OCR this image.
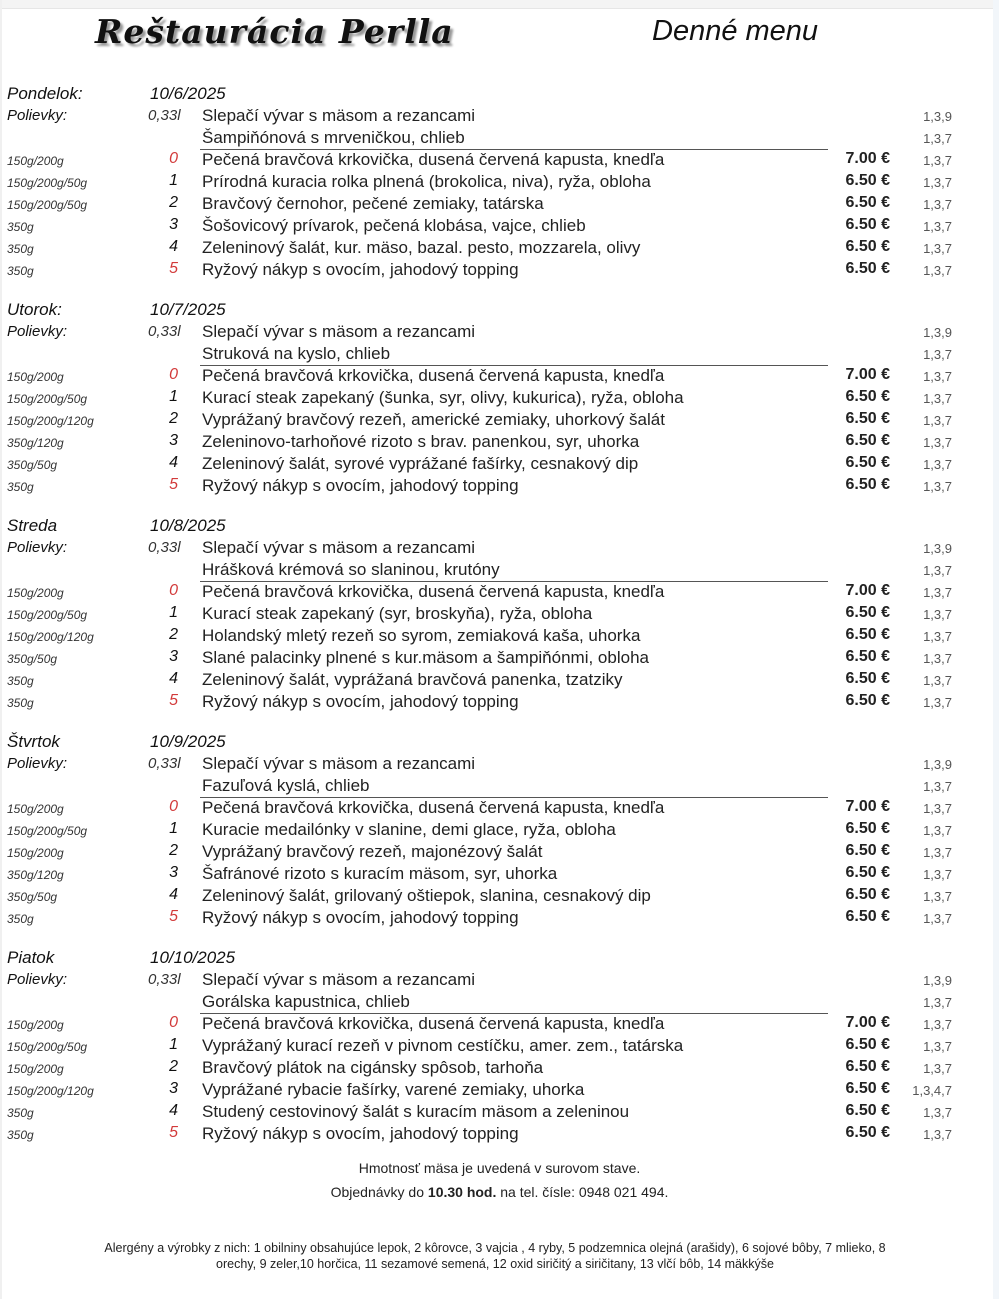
Reštaurácia Perlla	Denné menu
Pondelok:	10/6/2025
Polievky:	0,33l Slepačí vývar s mäsom a rezancami	1,3,9
Šampiňónová s mrveničkou, chlieb	1,3,7
150g/200g	0 Pečená bravčová krkovička, dusená červená kapusta, knedľa	7.00 €	1,3,7
150g/200g/50g	1 Prírodná kuracia rolka plnená (brokolica, niva), ryža, obloha	6.50 €	1,3,7
150g/200g/50g	2 Bravčový černohor, pečené zemiaky, tatárska	6.50 €	1,3,7
350g	3 Šošovicový prívarok, pečená klobása, vajce, chlieb	6.50 €	1,3,7
350g	4 Zeleninový šalát, kur. mäso, bazal. pesto, mozzarela, olivy	6.50 €	1,3,7
350g	5 Ryžový nákyp s ovocím, jahodový topping	6.50 €	1,3,7
Utorok:	10/7/2025
Polievky:	0,33l Slepačí vývar s mäsom a rezancami	1,3,9
Struková na kyslo, chlieb	1,3,7
150g/200g	0 Pečená bravčová krkovička, dusená červená kapusta, knedľa	7.00 €	1,3,7
150g/200g/50g	1 Kurací steak zapekaný (šunka, syr, olivy, kukurica), ryža, obloha	6.50 €	1,3,7
150g/200g/120g	2 Vyprážaný bravčový rezeň, americké zemiaky, uhorkový šalát	6.50 €	1,3,7
350g/120g	3 Zeleninovo-tarhoňové rizoto s brav. panenkou, syr, uhorka	6.50 €	1,3,7
350g/50g	4 Zeleninový šalát, syrové vyprážané fašírky, cesnakový dip	6.50 €	1,3,7
350g	5 Ryžový nákyp s ovocím, jahodový topping	6.50 €	1,3,7
Streda	10/8/2025
Polievky:	0,33l Slepačí vývar s mäsom a rezancami	1,3,9
Hrášková krémová so slaninou, krutóny	1,3,7
150g/200g	0 Pečená bravčová krkovička, dusená červená kapusta, knedľa	7.00 €	1,3,7
150g/200g/50g	1 Kurací steak zapekaný (syr, broskyňa), ryža, obloha	6.50 €	1,3,7
150g/200g/120g	2 Holandský mletý rezeň so syrom, zemiaková kaša, uhorka	6.50 €	1,3,7
350g/50g	3 Slané palacinky plnené s kur.mäsom a šampiňónmi, obloha	6.50 €	1,3,7
350g	4 Zeleninový šalát, vyprážaná bravčová panenka, tzatziky	6.50 €	1,3,7
350g	5 Ryžový nákyp s ovocím, jahodový topping	6.50 €	1,3,7
Štvrtok	10/9/2025
Polievky:	0,33l Slepačí vývar s mäsom a rezancami	1,3,9
Fazuľová kyslá, chlieb	1,3,7
150g/200g	0 Pečená bravčová krkovička, dusená červená kapusta, knedľa	7.00 €	1,3,7
150g/200g/50g	1 Kuracie medailónky v slanine, demi glace, ryža, obloha	6.50 €	1,3,7
150g/200g	2 Vyprážaný bravčový rezeň, majonézový šalát	6.50 €	1,3,7
350g/120g	3 Šafránové rizoto s kuracím mäsom, syr, uhorka	6.50 €	1,3,7
350g/50g	4 Zeleninový šalát, grilovaný oštiepok, slanina, cesnakový dip	6.50 €	1,3,7
350g	5 Ryžový nákyp s ovocím, jahodový topping	6.50 €	1,3,7
Piatok	10/10/2025
Polievky:	0,33l Slepačí vývar s mäsom a rezancami	1,3,9
Gorálska kapustnica, chlieb	1,3,7
150g/200g	0 Pečená bravčová krkovička, dusená červená kapusta, knedľa	7.00 €	1,3,7
150g/200g/50g	1 Vyprážaný kurací rezeň v pivnom cestíčku, amer. zem., tatárska	6.50 €	1,3,7
150g/200g	2 Bravčový plátok na cigánsky spôsob, tarhoňa	6.50 €	1,3,7
150g/200g/120g	3 Vyprážané rybacie fašírky, varené zemiaky, uhorka	6.50 €	1,3,4,7
350g	4 Studený cestovinový šalát s kuracím mäsom a zeleninou	6.50 €	1,3,7
350g	5 Ryžový nákyp s ovocím, jahodový topping	6.50 €	1,3,7
Hmotnosť mäsa je uvedená v surovom stave.
Objednávky do 10.30 hod. na tel. čísle: 0948 021 494.
Alergény a výrobky z nich: 1 obilniny obsahujúce lepok, 2 kôrovce, 3 vajcia , 4 ryby, 5 podzemnica olejná (arašidy), 6 sojové bôby, 7 mlieko, 8
orechy, 9 zeler,10 horčica, 11 sezamové semená, 12 oxid siričitý a siričitany, 13 vlčí bôb, 14 mäkkýše
